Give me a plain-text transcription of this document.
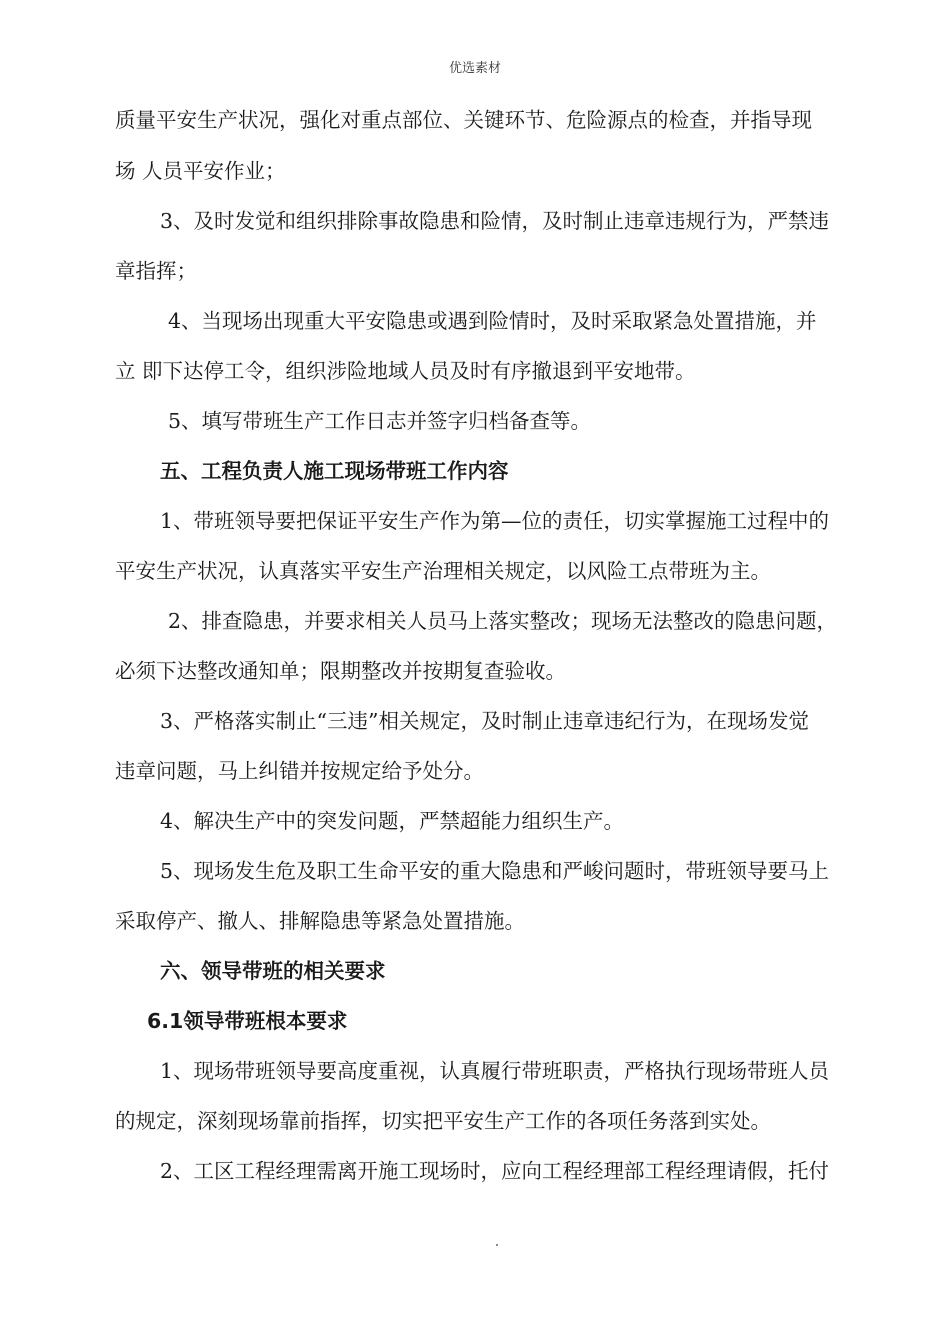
优选素材
质量平安生产状况，强化对重点部位、关键环节、危险源点的检查，并指导现
场 人员平安作业；
3、及时发觉和组织排除事故隐患和险情，及时制止违章违规行为，严禁违
章指挥；
4、当现场出现重大平安隐患或遇到险情时，及时采取紧急处置措施，并
立 即下达停工令，组织涉险地域人员及时有序撤退到平安地带。
5、填写带班生产工作日志并签字归档备查等。
五、工程负责人施工现场带班工作内容
1、带班领导要把保证平安生产作为第—位的责任，切实掌握施工过程中的
平安生产状况，认真落实平安生产治理相关规定，以风险工点带班为主。
2、排查隐患，并要求相关人员马上落实整改；现场无法整改的隐患问题，
必须下达整改通知单；限期整改并按期复查验收。
3、严格落实制止“三违”相关规定，及时制止违章违纪行为，在现场发觉
违章问题，马上纠错并按规定给予处分。
4、解决生产中的突发问题，严禁超能力组织生产。
5、现场发生危及职工生命平安的重大隐患和严峻问题时，带班领导要马上
采取停产、撤人、排解隐患等紧急处置措施。
六、领导带班的相关要求
6.1领导带班根本要求
1、现场带班领导要高度重视，认真履行带班职责，严格执行现场带班人员
的规定，深刻现场靠前指挥，切实把平安生产工作的各项任务落到实处。
2、工区工程经理需离开施工现场时，应向工程经理部工程经理请假，托付
